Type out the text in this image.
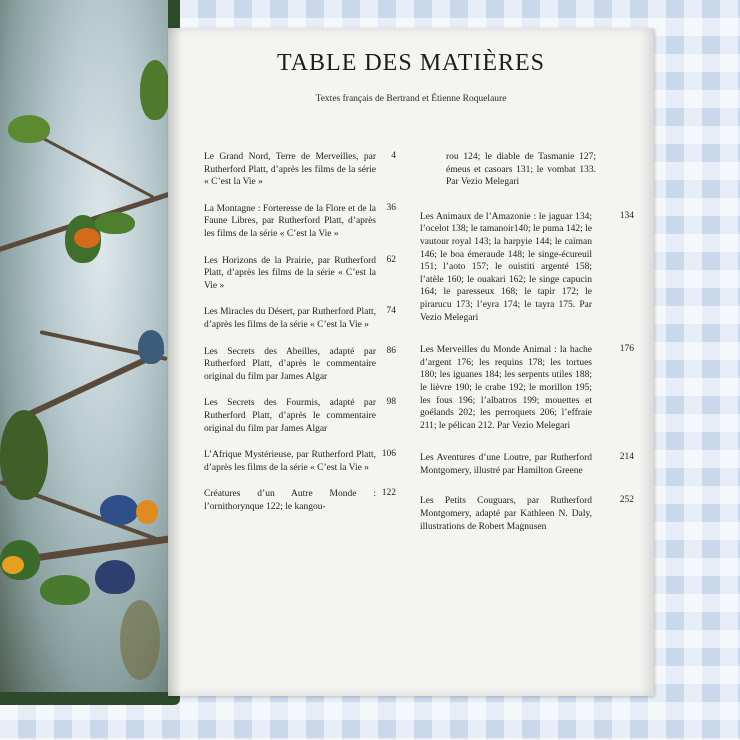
TABLE DES MATIÈRES
Textes français de Bertrand et Étienne Roquelaure
Le Grand Nord, Terre de Merveilles, par Rutherford Platt, d’après les films de la série « C’est la Vie »
4
La Montagne : Forteresse de la Flore et de la Faune Libres, par Rutherford Platt, d’après les films de la série « C’est la Vie »
36
Les Horizons de la Prairie, par Rutherford Platt, d’après les films de la série « C’est la Vie »
62
Les Miracles du Désert, par Rutherford Platt, d’après les films de la série « C’est la Vie »
74
Les Secrets des Abeilles, adapté par Rutherford Platt, d’après le commentaire original du film par James Algar
86
Les Secrets des Fourmis, adapté par Rutherford Platt, d’après le commentaire original du film par James Algar
98
L’Afrique Mystérieuse, par Rutherford Platt, d’après les films de la série « C’est la Vie »
106
Créatures d’un Autre Monde : l’ornithorynque 122; le kangou-
122
rou 124; le diable de Tasmanie 127; émeus et casoars 131; le vombat 133. Par Vezio Melegari
Les Animaux de l’Amazonie : le jaguar 134; l’ocelot 138; le tamanoir140; le puma 142; le vautour royal 143; la harpyie 144; le caïman 146; le boa émeraude 148; le singe-écureuil 151; l’aoto 157; le ouistiti argenté 158; l’atèle 160; le ouakari 162; le singe capucin 164; le paresseux 168; le tapir 172; le pirarucu 173; l’eyra 174; le tayra 175. Par Vezio Melegari
134
Les Merveilles du Monde Animal : la hache d’argent 176; les requins 178; les tortues 180; les iguanes 184; les serpents utiles 188; le lièvre 190; le crabe 192; le morillon 195; les fous 196; l’albatros 199; mouettes et goélands 202; les perroquets 206; l’effraie 211; le pélican 212. Par Vezio Melegari
176
Les Aventures d’une Loutre, par Rutherford Montgomery, illustré par Hamilton Greene
214
Les Petits Couguars, par Rutherford Montgomery, adapté par Kathleen N. Daly, illustrations de Robert Magnusen
252
